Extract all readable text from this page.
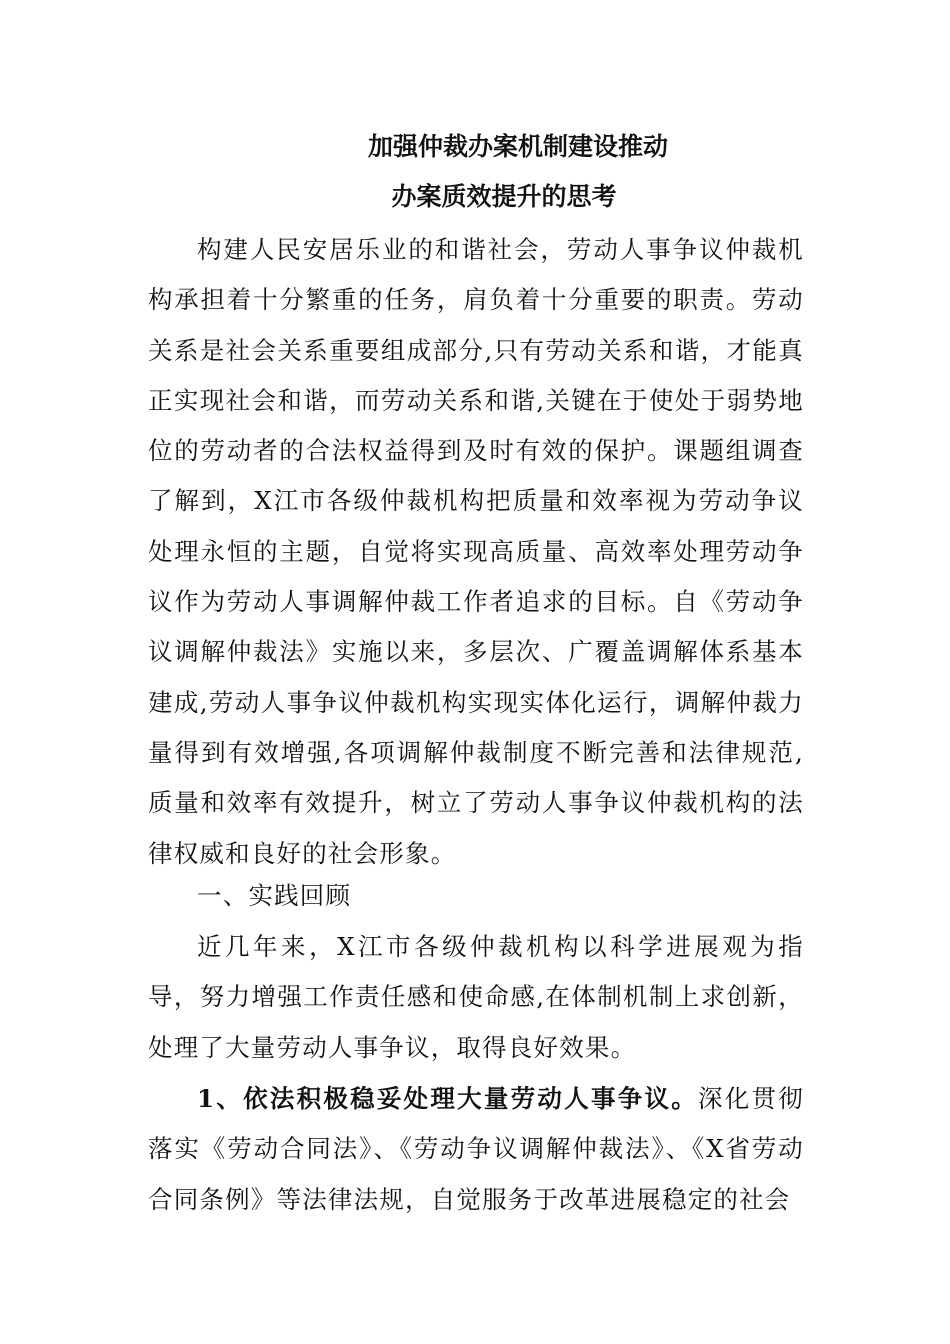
加强仲裁办案机制建设推动
办案质效提升的思考

构建人民安居乐业的和谐社会，劳动人事争议仲裁机构承担着十分繁重的任务，肩负着十分重要的职责。劳动关系是社会关系重要组成部分,只有劳动关系和谐，才能真正实现社会和谐，而劳动关系和谐,关键在于使处于弱势地位的劳动者的合法权益得到及时有效的保护。课题组调查了解到，X江市各级仲裁机构把质量和效率视为劳动争议处理永恒的主题，自觉将实现高质量、高效率处理劳动争议作为劳动人事调解仲裁工作者追求的目标。自《劳动争议调解仲裁法》实施以来，多层次、广覆盖调解体系基本建成,劳动人事争议仲裁机构实现实体化运行，调解仲裁力量得到有效增强,各项调解仲裁制度不断完善和法律规范,质量和效率有效提升，树立了劳动人事争议仲裁机构的法律权威和良好的社会形象。

一、实践回顾

近几年来，X江市各级仲裁机构以科学进展观为指导，努力增强工作责任感和使命感,在体制机制上求创新，处理了大量劳动人事争议，取得良好效果。

1、依法积极稳妥处理大量劳动人事争议。深化贯彻落实《劳动合同法》、《劳动争议调解仲裁法》、《X省劳动合同条例》等法律法规，自觉服务于改革进展稳定的社会
